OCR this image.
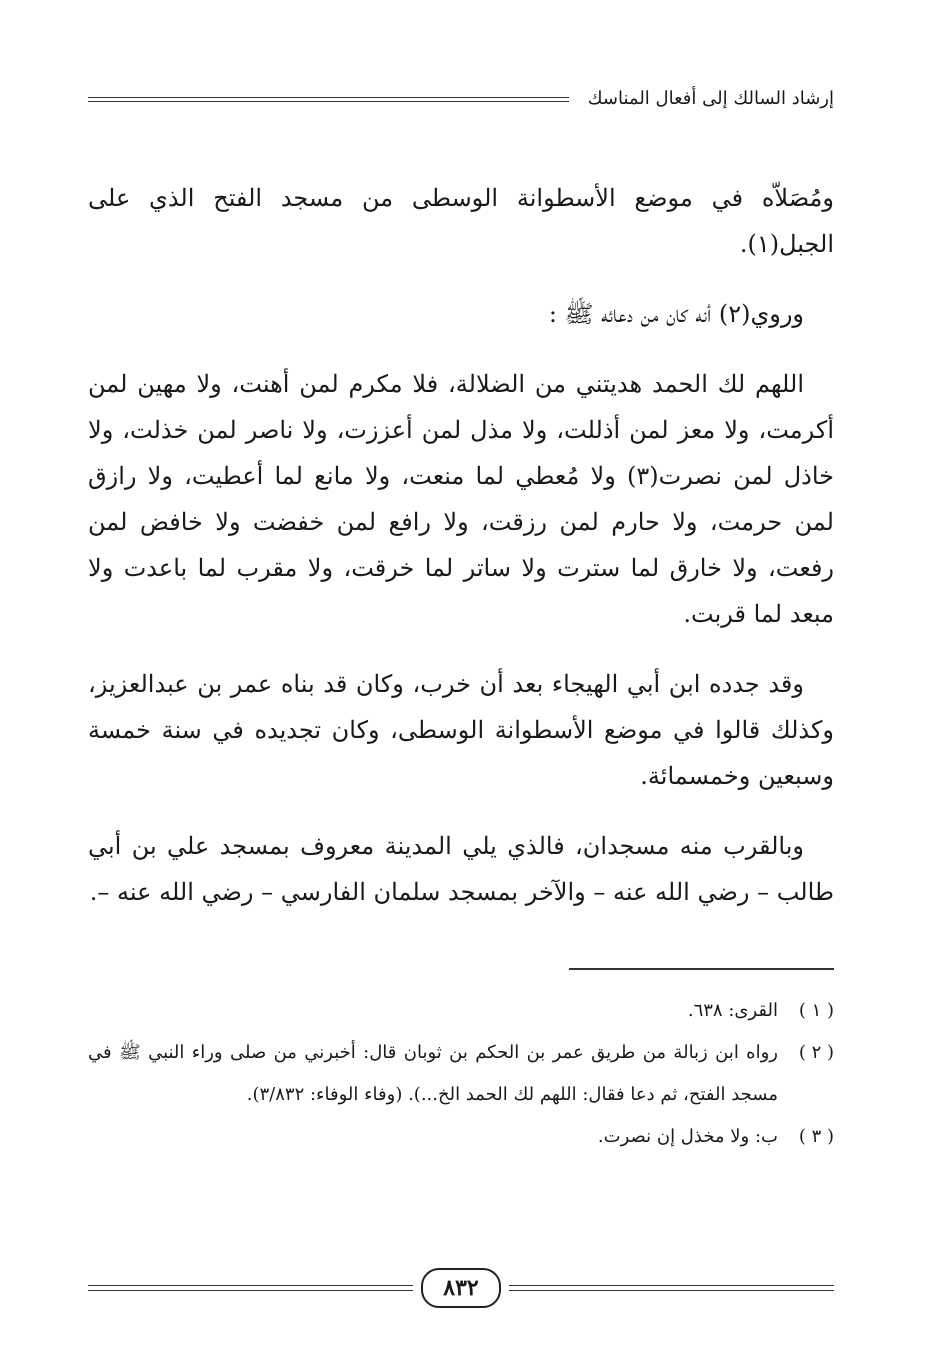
إرشاد السالك إلى أفعال المناسك

ومُصَلاّه في موضع الأسطوانة الوسطى من مسجد الفتح الذي على الجبل(١).

وروي(٢) أنه كان من دعائه ﷺ :

اللهم لك الحمد هديتني من الضلالة، فلا مكرم لمن أهنت، ولا مهين لمن أكرمت، ولا معز لمن أذللت، ولا مذل لمن أعززت، ولا ناصر لمن خذلت، ولا خاذل لمن نصرت(٣) ولا مُعطي لما منعت، ولا مانع لما أعطيت، ولا رازق لمن حرمت، ولا حارم لمن رزقت، ولا رافع لمن خفضت ولا خافض لمن رفعت، ولا خارق لما سترت ولا ساتر لما خرقت، ولا مقرب لما باعدت ولا مبعد لما قربت.

وقد جدده ابن أبي الهيجاء بعد أن خرب، وكان قد بناه عمر بن عبدالعزيز، وكذلك قالوا في موضع الأسطوانة الوسطى، وكان تجديده في سنة خمسة وسبعين وخمسمائة.

وبالقرب منه مسجدان، فالذي يلي المدينة معروف بمسجد علي بن أبي طالب – رضي الله عنه – والآخر بمسجد سلمان الفارسي – رضي الله عنه –.

( ١ )
القرى: ٦٣٨.
( ٢ )
رواه ابن زبالة من طريق عمر بن الحكم بن ثوبان قال: أخبرني من صلى وراء النبي ﷺ في مسجد الفتح، ثم دعا فقال: اللهم لك الحمد الخ...). (وفاء الوفاء: ٣/٨٣٢).
( ٣ )
ب: ولا مخذل إن نصرت.
٨٣٢
